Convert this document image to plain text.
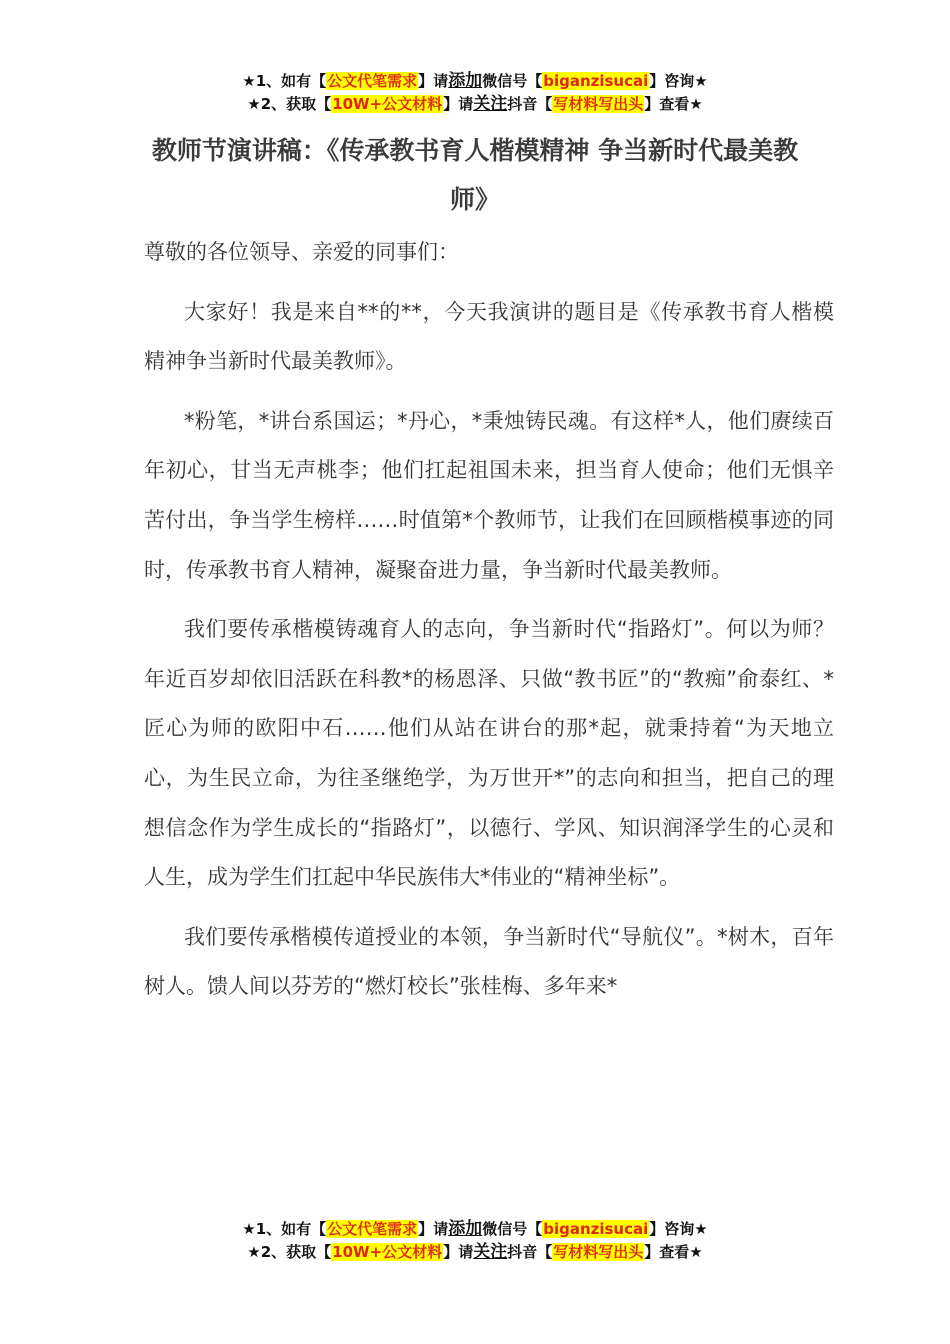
★1、如有【公文代笔需求】请添加微信号【biganzisucai】咨询★
★2、获取【10W+公文材料】请关注抖音【写材料写出头】查看★
教师节演讲稿：《传承教书育人楷模精神 争当新时代最美教师》

尊敬的各位领导、亲爱的同事们：

大家好！我是来自**的**，今天我演讲的题目是《传承教书育人楷模精神争当新时代最美教师》。

*粉笔，*讲台系国运；*丹心，*秉烛铸民魂。有这样*人，他们赓续百年初心，甘当无声桃李；他们扛起祖国未来，担当育人使命；他们无惧辛苦付出，争当学生榜样……时值第*个教师节，让我们在回顾楷模事迹的同时，传承教书育人精神，凝聚奋进力量，争当新时代最美教师。

我们要传承楷模铸魂育人的志向，争当新时代“指路灯”。何以为师？年近百岁却依旧活跃在科教*的杨恩泽、只做“教书匠”的“教痴”俞泰红、*匠心为师的欧阳中石……他们从站在讲台的那*起，就秉持着“为天地立心，为生民立命，为往圣继绝学，为万世开*”的志向和担当，把自己的理想信念作为学生成长的“指路灯”，以德行、学风、知识润泽学生的心灵和人生，成为学生们扛起中华民族伟大*伟业的“精神坐标”。

我们要传承楷模传道授业的本领，争当新时代“导航仪”。*树木，百年树人。馈人间以芬芳的“燃灯校长”张桂梅、多年来*

★1、如有【公文代笔需求】请添加微信号【biganzisucai】咨询★
★2、获取【10W+公文材料】请关注抖音【写材料写出头】查看★
